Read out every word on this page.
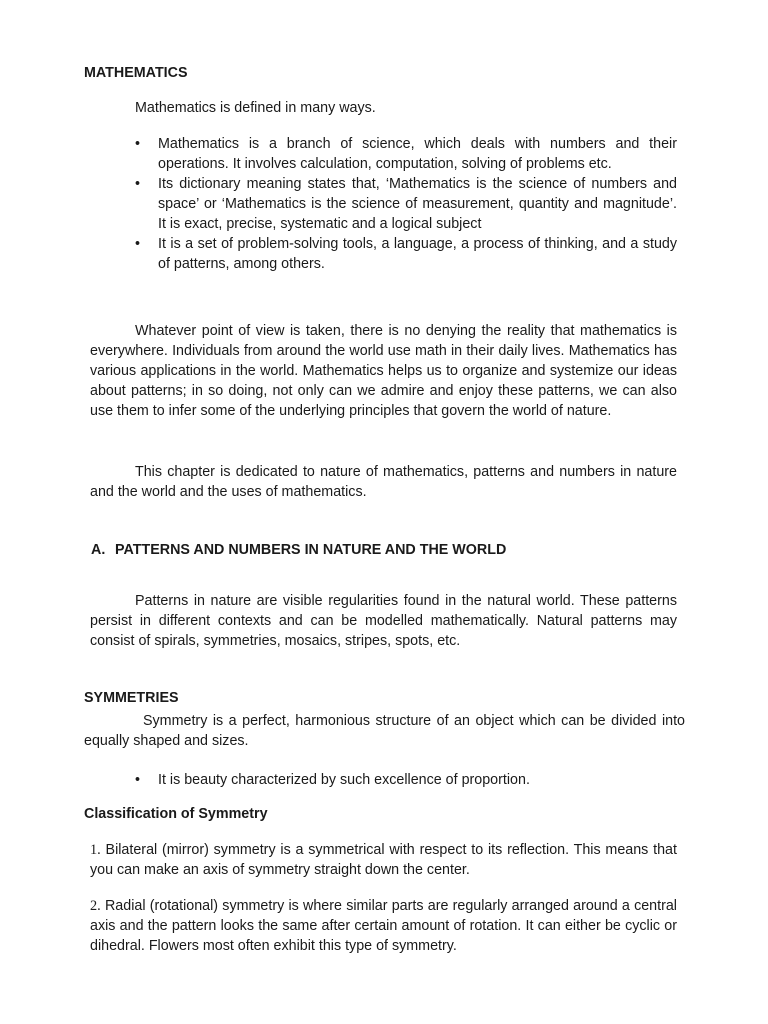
MATHEMATICS
Mathematics is defined in many ways.
• Mathematics is a branch of science, which deals with numbers and their operations. It involves calculation, computation, solving of problems etc.
• Its dictionary meaning states that, ‘Mathematics is the science of numbers and space’ or ‘Mathematics is the science of measurement, quantity and magnitude’. It is exact, precise, systematic and a logical subject
• It is a set of problem-solving tools, a language, a process of thinking, and a study of patterns, among others.
Whatever point of view is taken, there is no denying the reality that mathematics is everywhere. Individuals from around the world use math in their daily lives. Mathematics has various applications in the world. Mathematics helps us to organize and systemize our ideas about patterns; in so doing, not only can we admire and enjoy these patterns, we can also use them to infer some of the underlying principles that govern the world of nature.
This chapter is dedicated to nature of mathematics, patterns and numbers in nature and the world and the uses of mathematics.
A. PATTERNS AND NUMBERS IN NATURE AND THE WORLD
Patterns in nature are visible regularities found in the natural world. These patterns persist in different contexts and can be modelled mathematically. Natural patterns may consist of spirals, symmetries, mosaics, stripes, spots, etc.
SYMMETRIES
Symmetry is a perfect, harmonious structure of an object which can be divided into equally shaped and sizes.
• It is beauty characterized by such excellence of proportion.
Classification of Symmetry
1. Bilateral (mirror) symmetry is a symmetrical with respect to its reflection. This means that you can make an axis of symmetry straight down the center.
2. Radial (rotational) symmetry is where similar parts are regularly arranged around a central axis and the pattern looks the same after certain amount of rotation. It can either be cyclic or dihedral. Flowers most often exhibit this type of symmetry.
